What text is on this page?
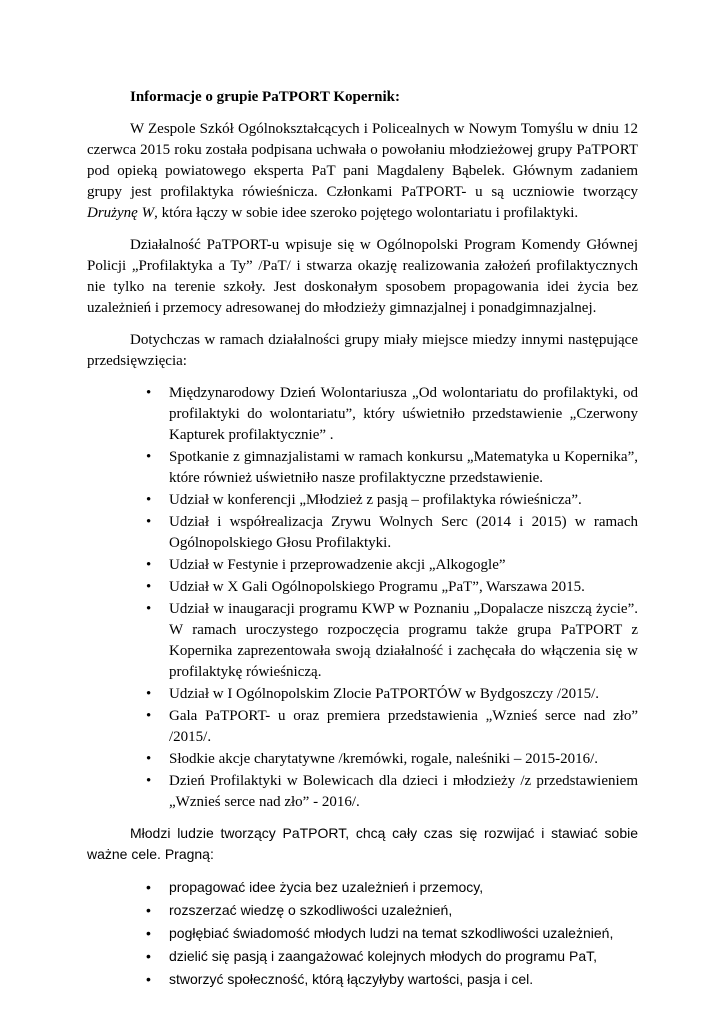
Informacje o grupie PaTPORT Kopernik:

W Zespole Szkół Ogólnokształcących i Policealnych w Nowym Tomyślu w dniu 12 czerwca 2015 roku została podpisana uchwała o powołaniu młodzieżowej grupy PaTPORT pod opieką powiatowego eksperta PaT pani Magdaleny Bąbelek. Głównym zadaniem grupy jest profilaktyka rówieśnicza. Członkami PaTPORT- u są uczniowie tworzący Drużynę W, która łączy w sobie idee szeroko pojętego wolontariatu i profilaktyki.

Działalność PaTPORT-u wpisuje się w Ogólnopolski Program Komendy Głównej Policji „Profilaktyka a Ty” /PaT/ i stwarza okazję realizowania założeń profilaktycznych nie tylko na terenie szkoły. Jest doskonałym sposobem propagowania idei życia bez uzależnień i przemocy adresowanej do młodzieży gimnazjalnej i ponadgimnazjalnej.

Dotychczas w ramach działalności grupy miały miejsce miedzy innymi następujące przedsięwzięcia:

• Międzynarodowy Dzień Wolontariusza „Od wolontariatu do profilaktyki, od profilaktyki do wolontariatu”, który uświetniło przedstawienie „Czerwony Kapturek profilaktycznie” .
• Spotkanie z gimnazjalistami w ramach konkursu „Matematyka u Kopernika”, które również uświetniło nasze profilaktyczne przedstawienie.
• Udział w konferencji „Młodzież z pasją – profilaktyka rówieśnicza”.
• Udział i współrealizacja Zrywu Wolnych Serc (2014 i 2015) w ramach Ogólnopolskiego Głosu Profilaktyki.
• Udział w Festynie i przeprowadzenie akcji „Alkogogle”
• Udział w X Gali Ogólnopolskiego Programu „PaT”, Warszawa 2015.
• Udział w inaugaracji programu KWP w Poznaniu „Dopalacze niszczą życie”. W ramach uroczystego rozpoczęcia programu także grupa PaTPORT z Kopernika zaprezentowała swoją działalność i zachęcała do włączenia się w profilaktykę rówieśniczą.
• Udział w I Ogólnopolskim Zlocie PaTPORTÓW w Bydgoszczy /2015/.
• Gala PaTPORT- u oraz premiera przedstawienia „Wznieś serce nad zło” /2015/.
• Słodkie akcje charytatywne /kremówki, rogale, naleśniki – 2015-2016/.
• Dzień Profilaktyki w Bolewicach dla dzieci i młodzieży /z przedstawieniem „Wznieś serce nad zło” - 2016/.

Młodzi ludzie tworzący PaTPORT, chcą cały czas się rozwijać i stawiać sobie ważne cele. Pragną:

• propagować idee życia bez uzależnień i przemocy,
• rozszerzać wiedzę o szkodliwości uzależnień,
• pogłębiać świadomość młodych ludzi na temat szkodliwości uzależnień,
• dzielić się pasją i zaangażować kolejnych młodych do programu PaT,
• stworzyć społeczność, którą łączyłyby wartości, pasja i cel.
